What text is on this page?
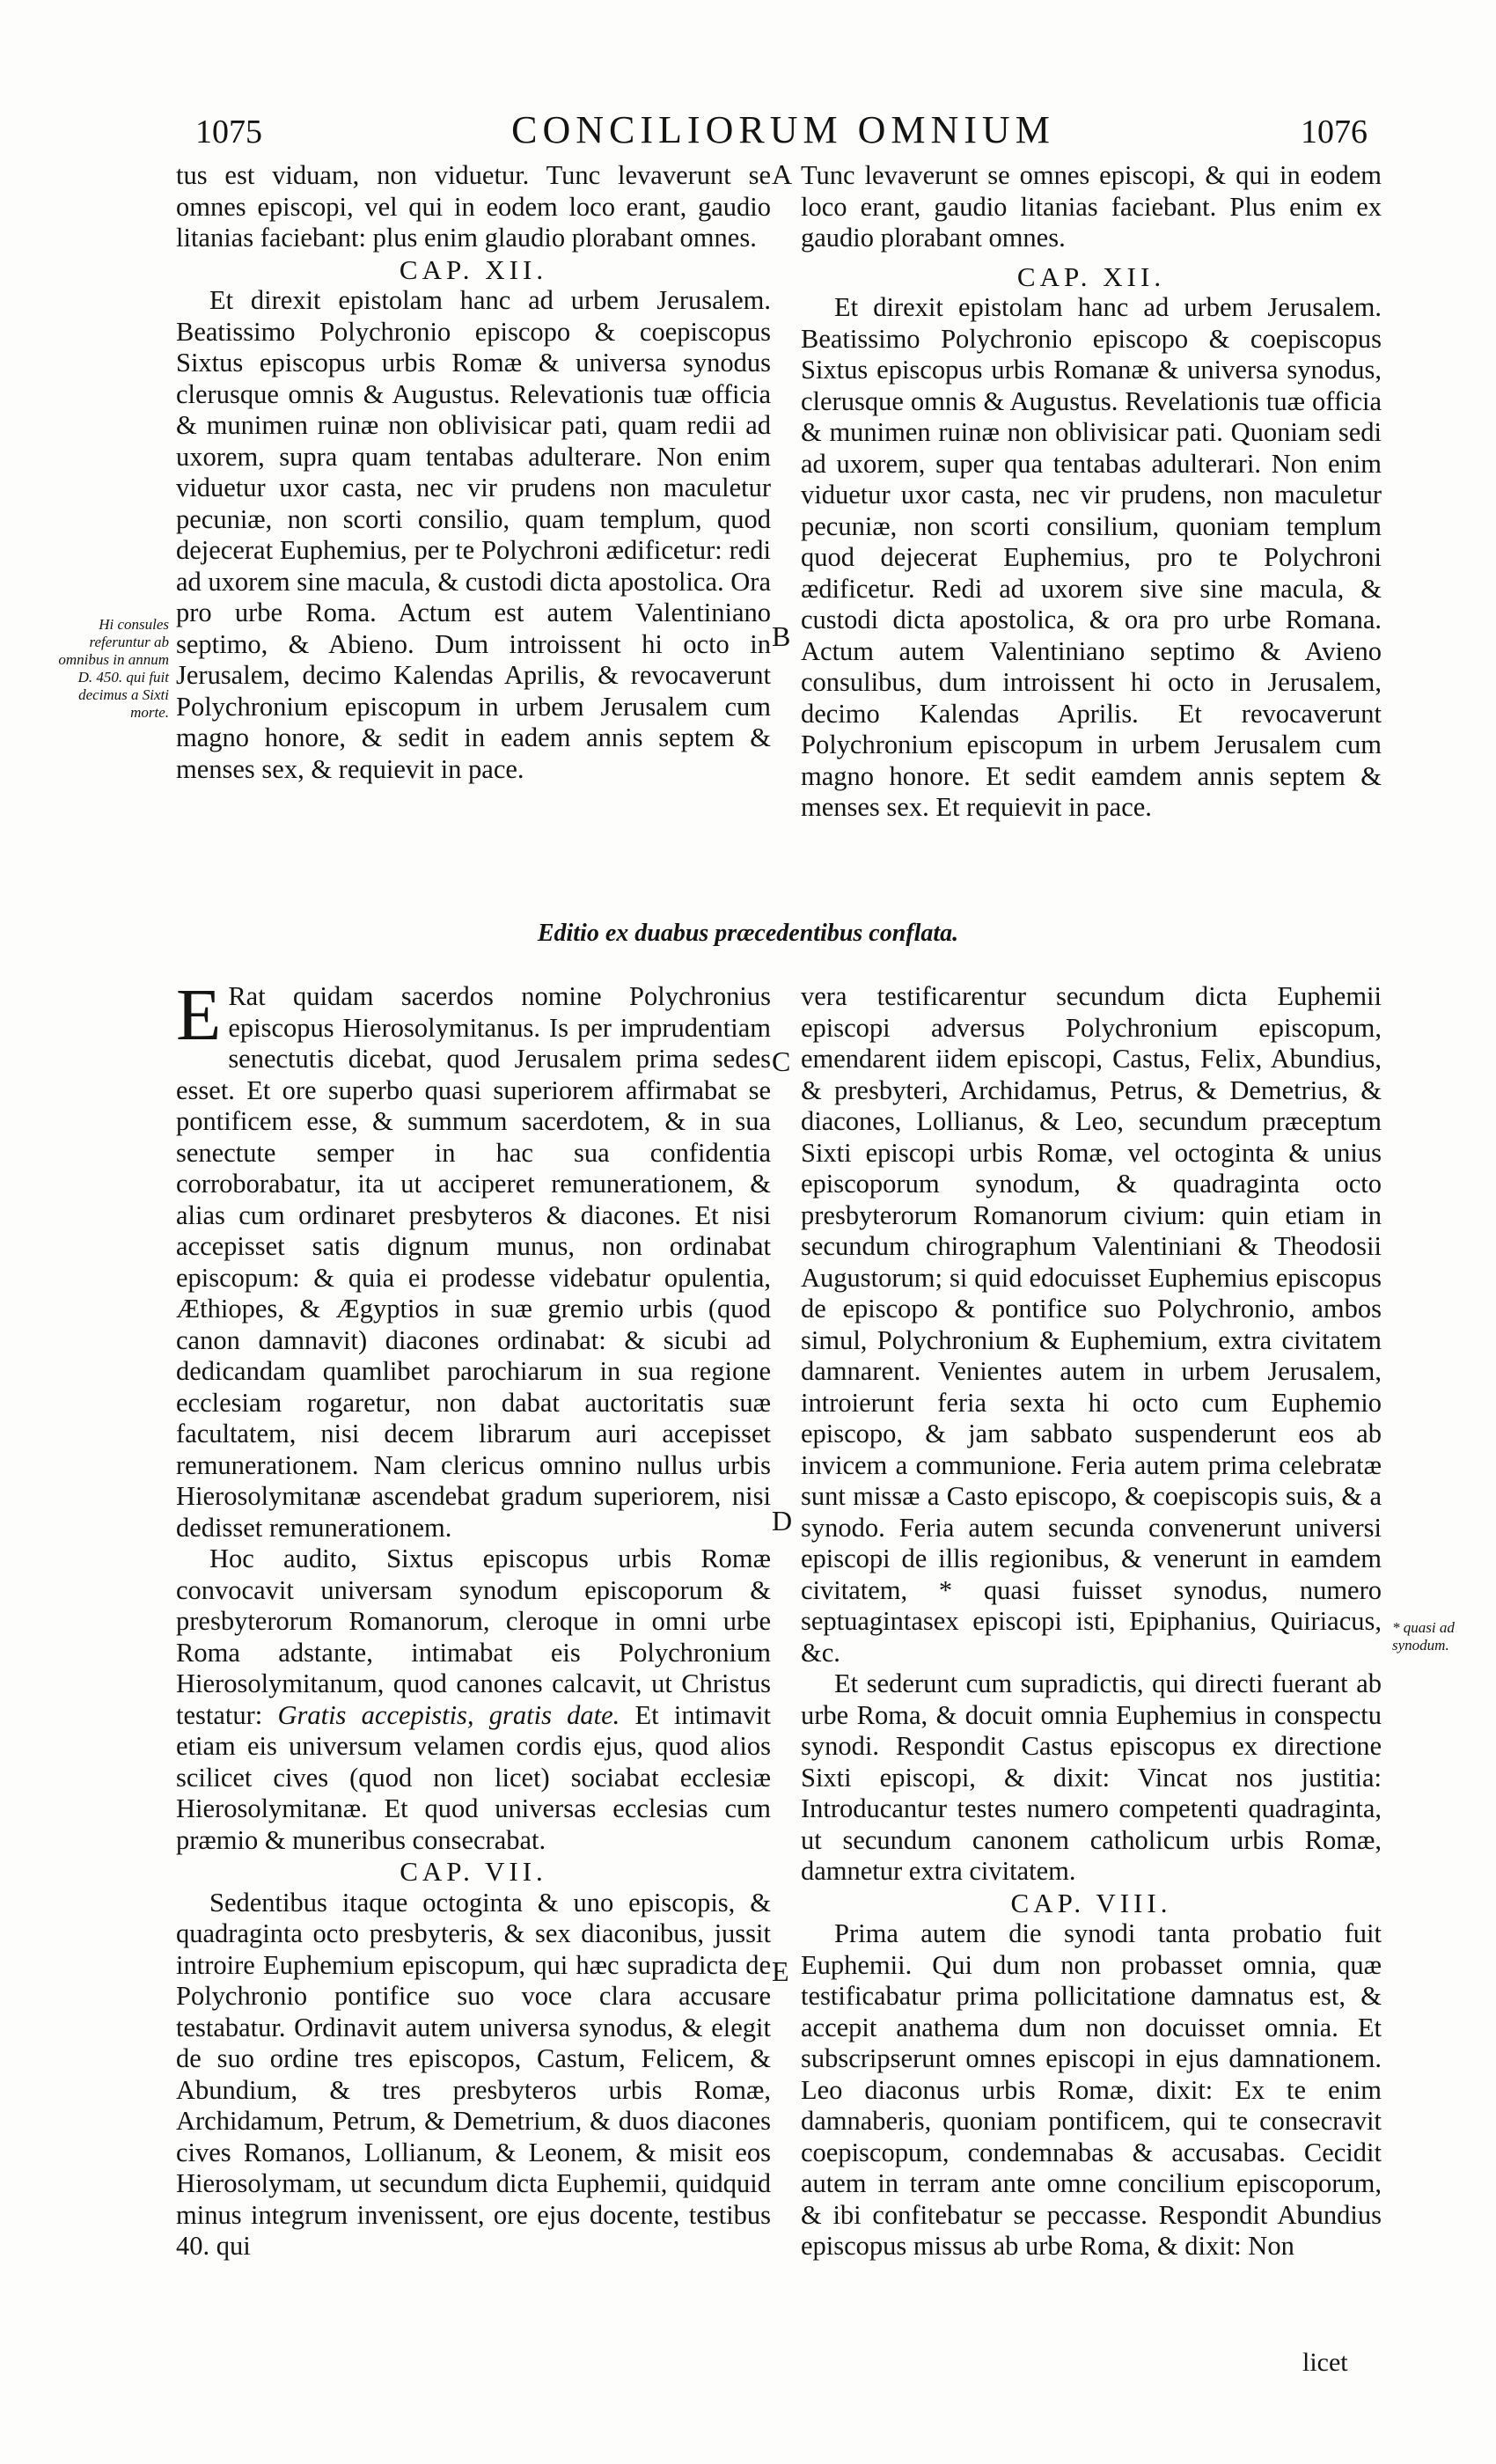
1075	CONCILIORUM OMNIUM	1076

tus est viduam, non viduetur. Tunc levaverunt se omnes episcopi, vel qui in eodem loco erant, gaudio litanias faciebant: plus enim glaudio plorabant omnes.

CAP. XII.

Et direxit epistolam hanc ad urbem Jerusalem. Beatissimo Polychronio episcopo & coepiscopus Sixtus episcopus urbis Romæ & universa synodus clerusque omnis & Augustus. Relevationis tuæ officia & munimen ruinæ non oblivisicar pati, quam redii ad uxorem, supra quam tentabas adulterare. Non enim viduetur uxor casta, nec vir prudens non maculetur pecuniæ, non scorti consilio, quam templum, quod dejecerat Euphemius, per te Polychroni ædificetur: redi ad uxorem sine macula, & custodi dicta apostolica. Ora pro urbe Roma. Actum est autem Valentiniano septimo, & Abieno. Dum introissent hi octo in Jerusalem, decimo Kalendas Aprilis, & revocaverunt Polychronium episcopum in urbem Jerusalem cum magno honore, & sedit in eadem annis septem & menses sex, & requievit in pace.

Tunc levaverunt se omnes episcopi, & qui in eodem loco erant, gaudio litanias faciebant. Plus enim ex gaudio plorabant omnes.

CAP. XII.

Et direxit epistolam hanc ad urbem Jerusalem. Beatissimo Polychronio episcopo & coepiscopus Sixtus episcopus urbis Romanæ & universa synodus, clerusque omnis & Augustus. Revelationis tuæ officia & munimen ruinæ non oblivisicar pati. Quoniam sedi ad uxorem, super qua tentabas adulterari. Non enim viduetur uxor casta, nec vir prudens, non maculetur pecuniæ, non scorti consilium, quoniam templum quod dejecerat Euphemius, pro te Polychroni ædificetur. Redi ad uxorem sive sine macula, & custodi dicta apostolica, & ora pro urbe Romana. Actum autem Valentiniano septimo & Avieno consulibus, dum introissent hi octo in Jerusalem, decimo Kalendas Aprilis. Et revocaverunt Polychronium episcopum in urbem Jerusalem cum magno honore. Et sedit eamdem annis septem & menses sex. Et requievit in pace.

A
B
C
D
E
Hi consules referuntur ab omnibus in annum D. 450. qui fuit decimus a Sixti morte.
* quasi ad synodum.
Editio ex duabus præcedentibus conflata.

E Rat quidam sacerdos nomine Polychronius episcopus Hierosolymitanus. Is per imprudentiam senectutis dicebat, quod Jerusalem prima sedes esset. Et ore superbo quasi superiorem affirmabat se pontificem esse, & summum sacerdotem, & in sua senectute semper in hac sua confidentia corroborabatur, ita ut acciperet remunerationem, & alias cum ordinaret presbyteros & diacones. Et nisi accepisset satis dignum munus, non ordinabat episcopum: & quia ei prodesse videbatur opulentia, Æthiopes, & Ægyptios in suæ gremio urbis (quod canon damnavit) diacones ordinabat: & sicubi ad dedicandam quamlibet parochiarum in sua regione ecclesiam rogaretur, non dabat auctoritatis suæ facultatem, nisi decem librarum auri accepisset remunerationem. Nam clericus omnino nullus urbis Hierosolymitanæ ascendebat gradum superiorem, nisi dedisset remunerationem.

Hoc audito, Sixtus episcopus urbis Romæ convocavit universam synodum episcoporum & presbyterorum Romanorum, cleroque in omni urbe Roma adstante, intimabat eis Polychronium Hierosolymitanum, quod canones calcavit, ut Christus testatur: Gratis accepistis, gratis date. Et intimavit etiam eis universum velamen cordis ejus, quod alios scilicet cives (quod non licet) sociabat ecclesiæ Hierosolymitanæ. Et quod universas ecclesias cum præmio & muneribus consecrabat.

CAP. VII.

Sedentibus itaque octoginta & uno episcopis, & quadraginta octo presbyteris, & sex diaconibus, jussit introire Euphemium episcopum, qui hæc supradicta de Polychronio pontifice suo voce clara accusare testabatur. Ordinavit autem universa synodus, & elegit de suo ordine tres episcopos, Castum, Felicem, & Abundium, & tres presbyteros urbis Romæ, Archidamum, Petrum, & Demetrium, & duos diacones cives Romanos, Lollianum, & Leonem, & misit eos Hierosolymam, ut secundum dicta Euphemii, quidquid minus integrum invenissent, ore ejus docente, testibus 40. qui

vera testificarentur secundum dicta Euphemii episcopi adversus Polychronium episcopum, emendarent iidem episcopi, Castus, Felix, Abundius, & presbyteri, Archidamus, Petrus, & Demetrius, & diacones, Lollianus, & Leo, secundum præceptum Sixti episcopi urbis Romæ, vel octoginta & unius episcoporum synodum, & quadraginta octo presbyterorum Romanorum civium: quin etiam in secundum chirographum Valentiniani & Theodosii Augustorum; si quid edocuisset Euphemius episcopus de episcopo & pontifice suo Polychronio, ambos simul, Polychronium & Euphemium, extra civitatem damnarent. Venientes autem in urbem Jerusalem, introierunt feria sexta hi octo cum Euphemio episcopo, & jam sabbato suspenderunt eos ab invicem a communione. Feria autem prima celebratæ sunt missæ a Casto episcopo, & coepiscopis suis, & a synodo. Feria autem secunda convenerunt universi episcopi de illis regionibus, & venerunt in eamdem civitatem, * quasi fuisset synodus, numero septuagintasex episcopi isti, Epiphanius, Quiriacus, &c.

Et sederunt cum supradictis, qui directi fuerant ab urbe Roma, & docuit omnia Euphemius in conspectu synodi. Respondit Castus episcopus ex directione Sixti episcopi, & dixit: Vincat nos justitia: Introducantur testes numero competenti quadraginta, ut secundum canonem catholicum urbis Romæ, damnetur extra civitatem.

CAP. VIII.

Prima autem die synodi tanta probatio fuit Euphemii. Qui dum non probasset omnia, quæ testificabatur prima pollicitatione damnatus est, & accepit anathema dum non docuisset omnia. Et subscripserunt omnes episcopi in ejus damnationem. Leo diaconus urbis Romæ, dixit: Ex te enim damnaberis, quoniam pontificem, qui te consecravit coepiscopum, condemnabas & accusabas. Cecidit autem in terram ante omne concilium episcoporum, & ibi confitebatur se peccasse. Respondit Abundius episcopus missus ab urbe Roma, & dixit: Non

licet
